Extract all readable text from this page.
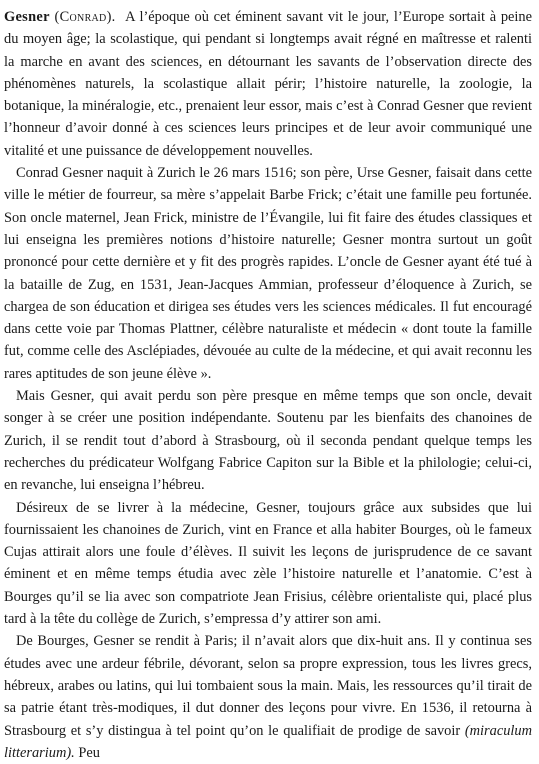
Gesner (Conrad). A l’époque où cet éminent savant vit le jour, l’Europe sortait à peine du moyen âge; la scolastique, qui pendant si longtemps avait régné en maîtresse et ralenti la marche en avant des sciences, en détournant les savants de l’observation directe des phénomènes naturels, la scolastique allait périr; l’histoire naturelle, la zoologie, la botanique, la minéralogie, etc., prenaient leur essor, mais c’est à Conrad Gesner que revient l’honneur d’avoir donné à ces sciences leurs principes et de leur avoir communiqué une vitalité et une puissance de développement nouvelles.

Conrad Gesner naquit à Zurich le 26 mars 1516; son père, Urse Gesner, faisait dans cette ville le métier de fourreur, sa mère s’appelait Barbe Frick; c’était une famille peu fortunée. Son oncle maternel, Jean Frick, ministre de l’Évangile, lui fit faire des études classiques et lui enseigna les premières notions d’histoire naturelle; Gesner montra surtout un goût prononcé pour cette dernière et y fit des progrès rapides. L’oncle de Gesner ayant été tué à la bataille de Zug, en 1531, Jean-Jacques Ammian, professeur d’éloquence à Zurich, se chargea de son éducation et dirigea ses études vers les sciences médicales. Il fut encouragé dans cette voie par Thomas Plattner, célèbre naturaliste et médecin « dont toute la famille fut, comme celle des Asclépiades, dévouée au culte de la médecine, et qui avait reconnu les rares aptitudes de son jeune élève ».

Mais Gesner, qui avait perdu son père presque en même temps que son oncle, devait songer à se créer une position indépendante. Soutenu par les bienfaits des chanoines de Zurich, il se rendit tout d’abord à Strasbourg, où il seconda pendant quelque temps les recherches du prédicateur Wolfgang Fabrice Capiton sur la Bible et la philologie; celui-ci, en revanche, lui enseigna l’hébreu.

Désireux de se livrer à la médecine, Gesner, toujours grâce aux subsides que lui fournissaient les chanoines de Zurich, vint en France et alla habiter Bourges, où le fameux Cujas attirait alors une foule d’élèves. Il suivit les leçons de jurisprudence de ce savant éminent et en même temps étudia avec zèle l’histoire naturelle et l’anatomie. C’est à Bourges qu’il se lia avec son compatriote Jean Frisius, célèbre orientaliste qui, placé plus tard à la tête du collège de Zurich, s’empressa d’y attirer son ami.

De Bourges, Gesner se rendit à Paris; il n’avait alors que dix-huit ans. Il y continua ses études avec une ardeur fébrile, dévorant, selon sa propre expression, tous les livres grecs, hébreux, arabes ou latins, qui lui tombaient sous la main. Mais, les ressources qu’il tirait de sa patrie étant très-modiques, il dut donner des leçons pour vivre. En 1536, il retourna à Strasbourg et s’y distingua à tel point qu’on le qualifiait de prodige de savoir (miraculum litterarium). Peu
